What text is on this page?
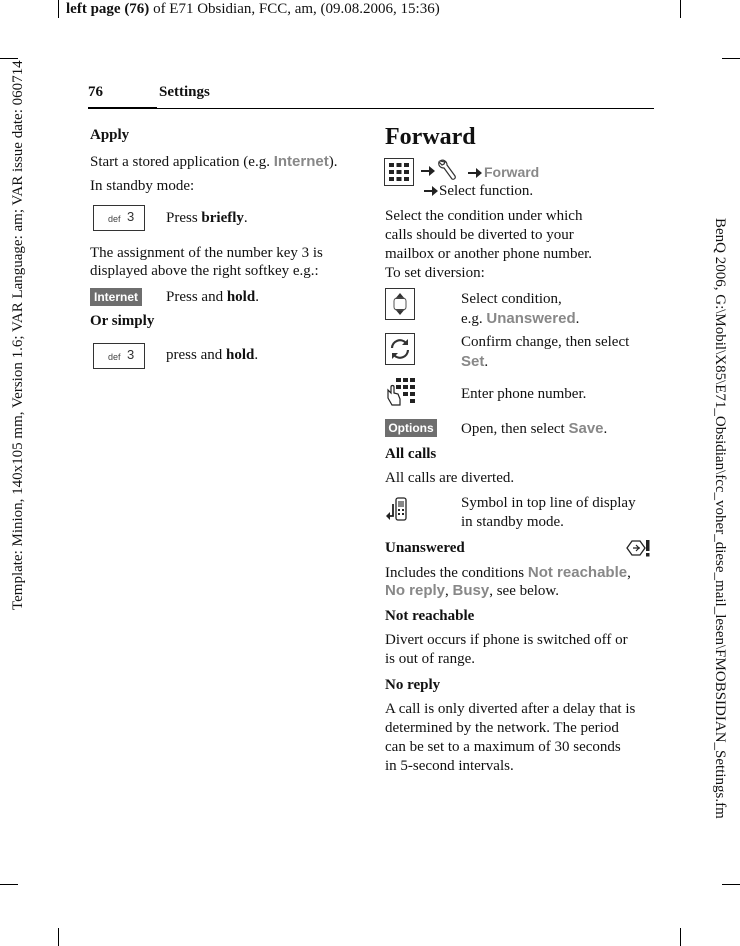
left page (76) of E71 Obsidian, FCC, am, (09.08.2006, 15:36)
Template: Minion, 140x105 mm, Version 1.6; VAR Language: am; VAR issue date: 060714	BenQ 2006, G:\Mobil\X85\E71_Obsidian\fcc_voher_diese_mail_lesen\FMOBSIDIAN_Settings.fm
76	Settings
Apply
Start a stored application (e.g. Internet).
In standby mode:
def 3 Press briefly.
The assignment of the number key 3 is
displayed above the right softkey e.g.:
Internet Press and hold.
Or simply
def 3 press and hold.
Forward
Forward
Select function.
Select the condition under which
calls should be diverted to your
mailbox or another phone number.
To set diversion:
Select condition,
e.g. Unanswered.
Confirm change, then select
Set.
Enter phone number.
Options Open, then select Save.
All calls
All calls are diverted.
Symbol in top line of display
in standby mode.
Unanswered
Includes the conditions Not reachable,
No reply, Busy, see below.
Not reachable
Divert occurs if phone is switched off or
is out of range.
No reply
A call is only diverted after a delay that is
determined by the network. The period
can be set to a maximum of 30 seconds
in 5-second intervals.
